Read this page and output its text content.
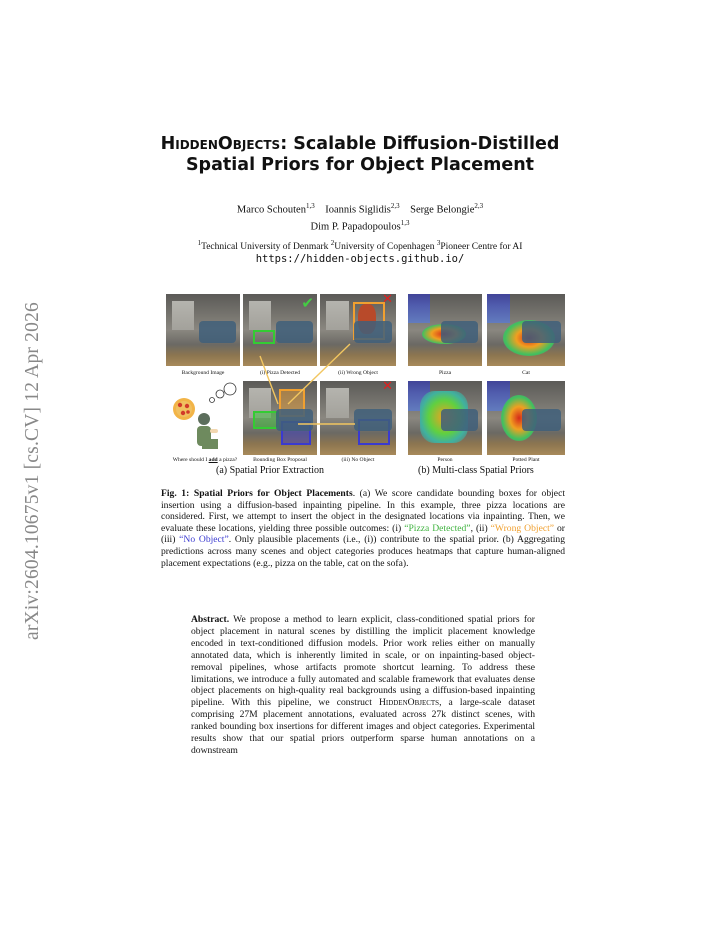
arXiv:2604.10675v1 [cs.CV] 12 Apr 2026
HiddenObjects: Scalable Diffusion-Distilled
Spatial Priors for Object Placement
Marco Schouten$^{1,3}$ Ioannis Siglidis$^{2,3}$ Serge Belongie$^{2,3}$
Dim P. Papadopoulos$^{1,3}$
$^1$Technical University of Denmark $^2$University of Copenhagen $^3$Pioneer Centre for AI
https://hidden-objects.github.io/
✔	✕
Background Image	(i) Pizza Detected	(ii) Wrong Object
✕
Where should I add a pizza?	Bounding Box Proposal	(iii) No Object
Pizza	Cat
Person	Potted Plant
(a) Spatial Prior Extraction	(b) Multi-class Spatial Priors
Fig. 1: Spatial Priors for Object Placements. (a) We score candidate bounding boxes for object insertion using a diffusion-based inpainting pipeline. In this example, three pizza locations are considered. First, we attempt to insert the object in the designated locations via inpainting. Then, we evaluate these locations, yielding three possible outcomes: (i) “Pizza Detected”, (ii) “Wrong Object” or (iii) “No Object”. Only plausible placements (i.e., (i)) contribute to the spatial prior. (b) Aggregating predictions across many scenes and object categories produces heatmaps that capture human-aligned placement expectations (e.g., pizza on the table, cat on the sofa).
Abstract. We propose a method to learn explicit, class-conditioned spatial priors for object placement in natural scenes by distilling the implicit placement knowledge encoded in text-conditioned diffusion models. Prior work relies either on manually annotated data, which is inherently limited in scale, or on inpainting-based object-removal pipelines, whose artifacts promote shortcut learning. To address these limitations, we introduce a fully automated and scalable framework that evaluates dense object placements on high-quality real backgrounds using a diffusion-based inpainting pipeline. With this pipeline, we construct HiddenObjects, a large-scale dataset comprising 27M placement annotations, evaluated across 27k distinct scenes, with ranked bounding box insertions for different images and object categories. Experimental results show that our spatial priors outperform sparse human annotations on a downstream
